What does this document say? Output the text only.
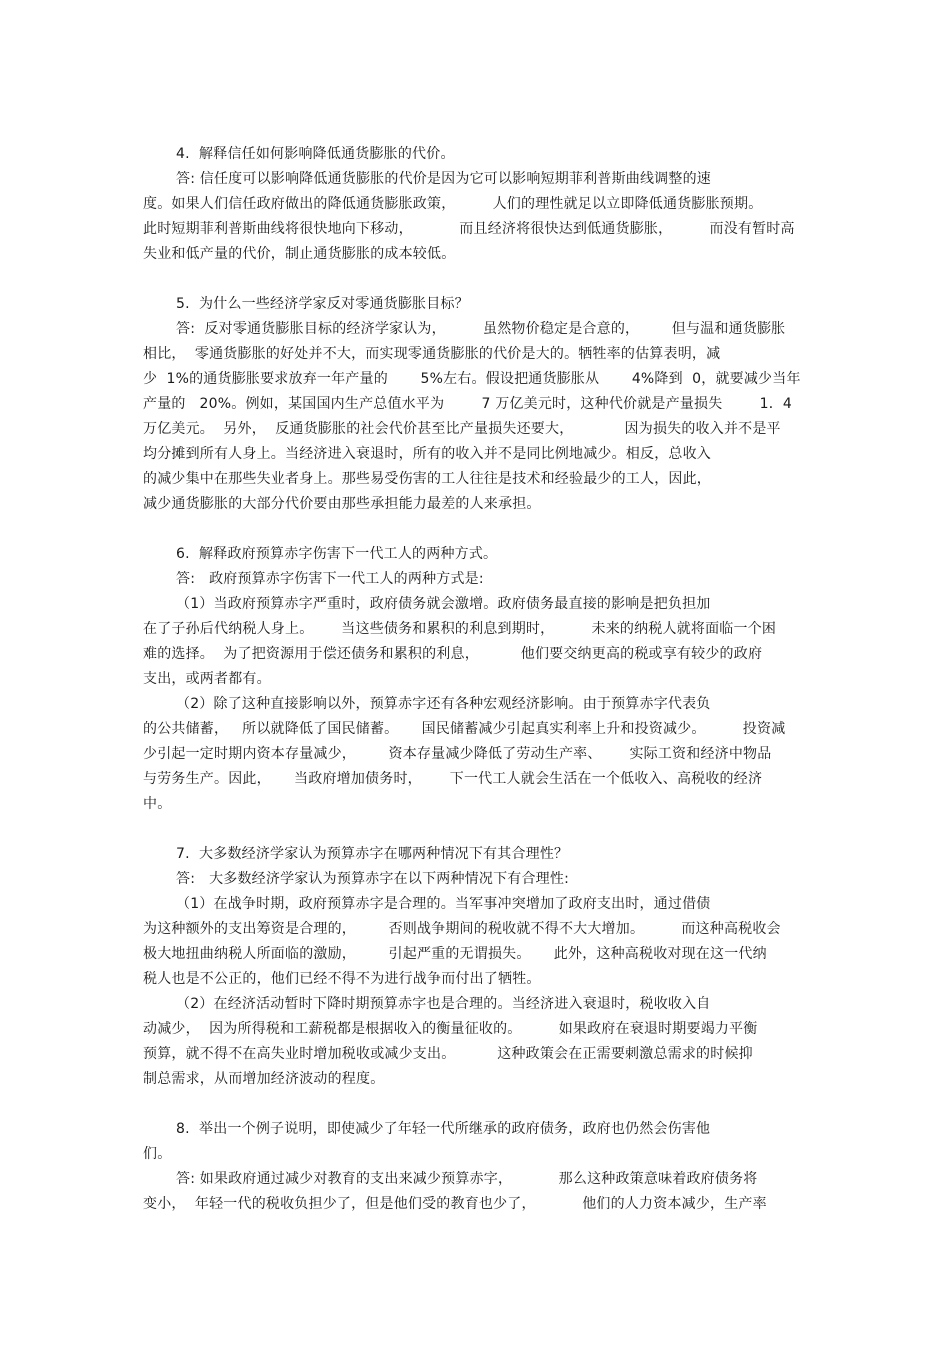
4.  解释信任如何影响降低通货膨胀的代价。
答: 信任度可以影响降低通货膨胀的代价是因为它可以影响短期菲利普斯曲线调整的速
度。如果人们信任政府做出的降低通货膨胀政策，        人们的理性就足以立即降低通货膨胀预期。
此时短期菲利普斯曲线将很快地向下移动，          而且经济将很快达到低通货膨胀，        而没有暂时高
失业和低产量的代价，制止通货膨胀的成本较低。
5.  为什么一些经济学家反对零通货膨胀目标？
答:  反对零通货膨胀目标的经济学家认为，        虽然物价稳定是合意的，       但与温和通货膨胀
相比，  零通货膨胀的好处并不大，而实现零通货膨胀的代价是大的。牺牲率的估算表明，减
少  1%的通货膨胀要求放弃一年产量的       5%左右。假设把通货膨胀从       4%降到  0，就要减少当年
产量的   20%。例如，某国国内生产总值水平为        7 万亿美元时，这种代价就是产量损失        1．4
万亿美元。  另外，  反通货膨胀的社会代价甚至比产量损失还要大，           因为损失的收入并不是平
均分摊到所有人身上。当经济进入衰退时，所有的收入并不是同比例地减少。相反，总收入
的减少集中在那些失业者身上。那些易受伤害的工人往往是技术和经验最少的工人，因此，
减少通货膨胀的大部分代价要由那些承担能力最差的人来承担。
6.  解释政府预算赤字伤害下一代工人的两种方式。
答:   政府预算赤字伤害下一代工人的两种方式是:
（1）当政府预算赤字严重时，政府债务就会激增。政府债务最直接的影响是把负担加
在了子孙后代纳税人身上。      当这些债务和累积的利息到期时，        未来的纳税人就将面临一个困
难的选择。  为了把资源用于偿还债务和累积的利息，         他们要交纳更高的税或享有较少的政府
支出，或两者都有。
（2）除了这种直接影响以外，预算赤字还有各种宏观经济影响。由于预算赤字代表负
的公共储蓄，   所以就降低了国民储蓄。     国民储蓄减少引起真实利率上升和投资减少。        投资减
少引起一定时期内资本存量减少，       资本存量减少降低了劳动生产率、      实际工资和经济中物品
与劳务生产。因此，     当政府增加债务时，      下一代工人就会生活在一个低收入、高税收的经济
中。
7.  大多数经济学家认为预算赤字在哪两种情况下有其合理性？
答:   大多数经济学家认为预算赤字在以下两种情况下有合理性:
（1）在战争时期，政府预算赤字是合理的。当军事冲突增加了政府支出时，通过借债
为这种额外的支出筹资是合理的，       否则战争期间的税收就不得不大大增加。        而这种高税收会
极大地扭曲纳税人所面临的激励，       引起严重的无谓损失。     此外，这种高税收对现在这一代纳
税人也是不公正的，他们已经不得不为进行战争而付出了牺牲。
（2）在经济活动暂时下降时期预算赤字也是合理的。当经济进入衰退时，税收收入自
动减少，  因为所得税和工薪税都是根据收入的衡量征收的。        如果政府在衰退时期要竭力平衡
预算，就不得不在高失业时增加税收或减少支出。         这种政策会在正需要刺激总需求的时候抑
制总需求，从而增加经济波动的程度。
8.  举出一个例子说明，即使减少了年轻一代所继承的政府债务，政府也仍然会伤害他
们。
答: 如果政府通过减少对教育的支出来减少预算赤字，          那么这种政策意味着政府债务将
变小，  年轻一代的税收负担少了，但是他们受的教育也少了，          他们的人力资本减少，生产率
